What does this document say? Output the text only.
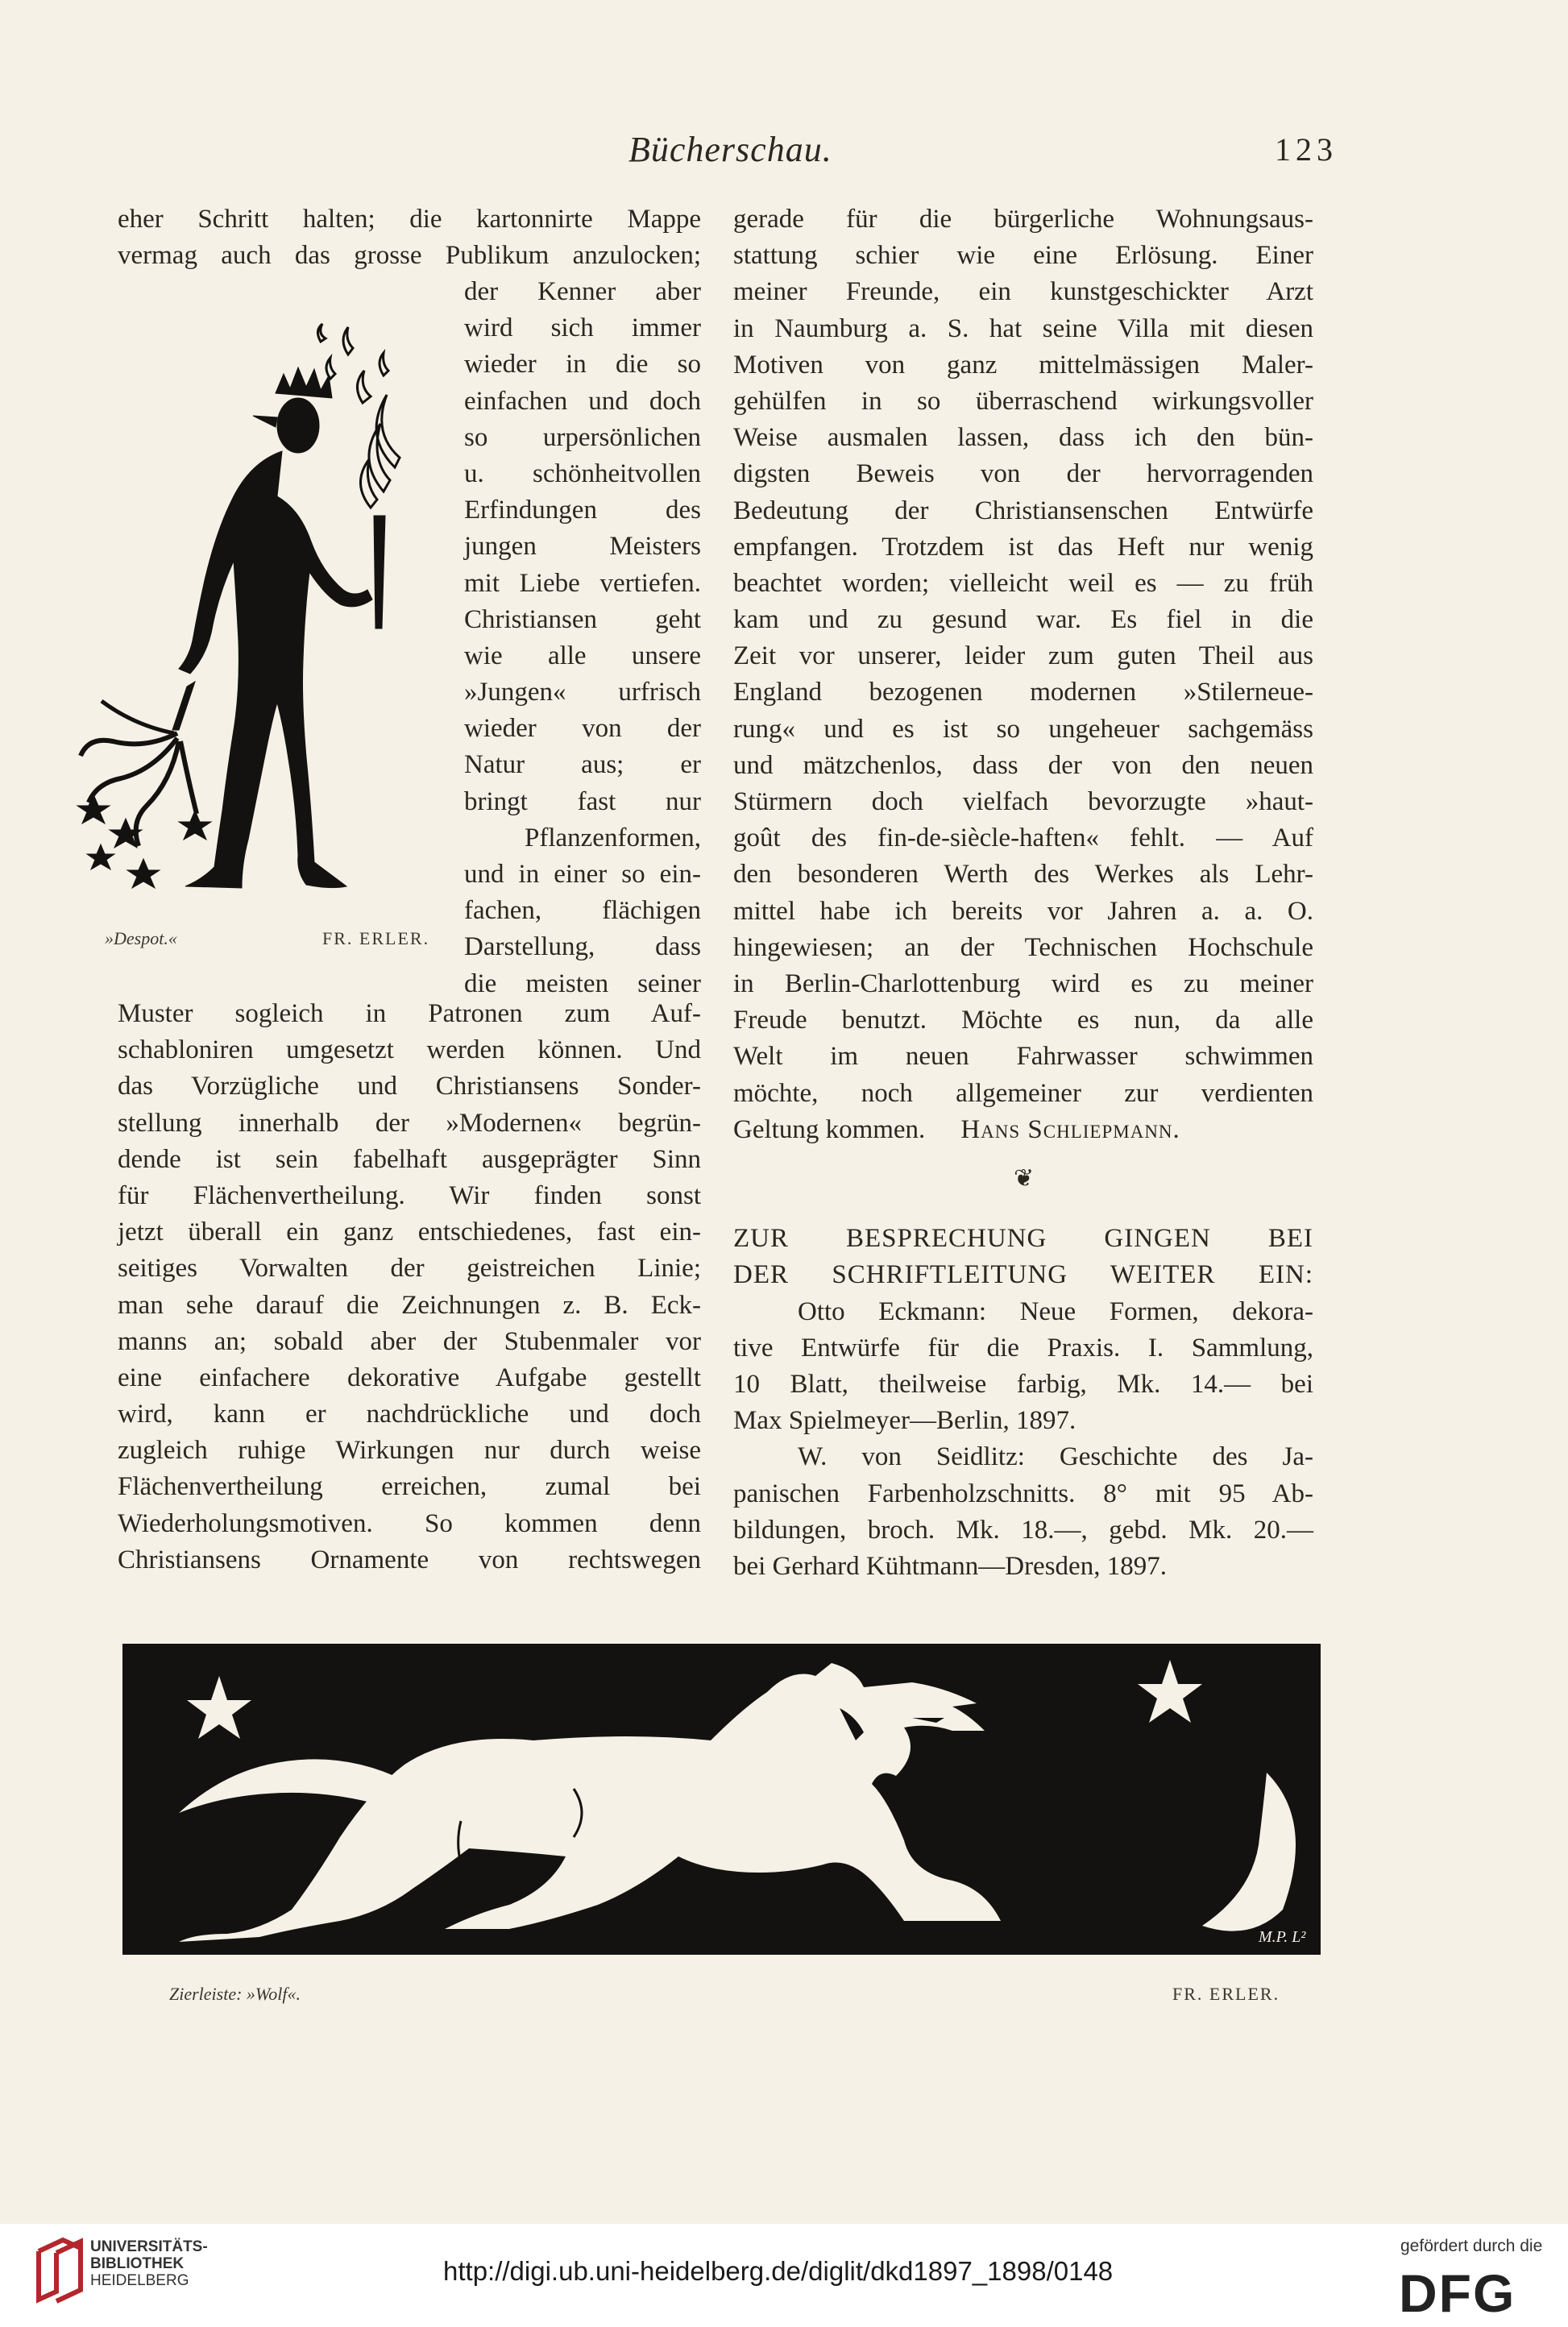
Bücherschau.	123
eher Schritt halten; die kartonnirte Mappe
vermag auch das grosse Publikum anzulocken;
der Kenner aber
wird sich immer
wieder in die so
einfachen und doch
so urpersönlichen
u. schönheitvollen
Erfindungen des
jungen Meisters
mit Liebe vertiefen.
Christiansen geht
wie alle unsere
»Jungen« urfrisch
wieder von der
Natur aus; er
bringt fast nur
Pflanzenformen,
und in einer so ein-
fachen, flächigen
Darstellung, dass
die meisten seiner
»Despot.«	FR. ERLER.
Muster sogleich in Patronen zum Auf-
schabloniren umgesetzt werden können. Und
das Vorzügliche und Christiansens Sonder-
stellung innerhalb der »Modernen« begrün-
dende ist sein fabelhaft ausgeprägter Sinn
für Flächenvertheilung. Wir finden sonst
jetzt überall ein ganz entschiedenes, fast ein-
seitiges Vorwalten der geistreichen Linie;
man sehe darauf die Zeichnungen z. B. Eck-
manns an; sobald aber der Stubenmaler vor
eine einfachere dekorative Aufgabe gestellt
wird, kann er nachdrückliche und doch
zugleich ruhige Wirkungen nur durch weise
Flächenvertheilung erreichen, zumal bei
Wiederholungsmotiven. So kommen denn
Christiansens Ornamente von rechtswegen
gerade für die bürgerliche Wohnungsaus-
stattung schier wie eine Erlösung. Einer
meiner Freunde, ein kunstgeschickter Arzt
in Naumburg a. S. hat seine Villa mit diesen
Motiven von ganz mittelmässigen Maler-
gehülfen in so überraschend wirkungsvoller
Weise ausmalen lassen, dass ich den bün-
digsten Beweis von der hervorragenden
Bedeutung der Christiansenschen Entwürfe
empfangen. Trotzdem ist das Heft nur wenig
beachtet worden; vielleicht weil es — zu früh
kam und zu gesund war. Es fiel in die
Zeit vor unserer, leider zum guten Theil aus
England bezogenen modernen »Stilerneue-
rung« und es ist so ungeheuer sachgemäss
und mätzchenlos, dass der von den neuen
Stürmern doch vielfach bevorzugte »haut-
goût des fin-de-siècle-haften« fehlt. — Auf
den besonderen Werth des Werkes als Lehr-
mittel habe ich bereits vor Jahren a. a. O.
hingewiesen; an der Technischen Hochschule
in Berlin-Charlottenburg wird es zu meiner
Freude benutzt. Möchte es nun, da alle
Welt im neuen Fahrwasser schwimmen
möchte, noch allgemeiner zur verdienten
Geltung kommen. Hans Schliepmann.
ZUR BESPRECHUNG GINGEN BEI
DER SCHRIFTLEITUNG WEITER EIN:
Otto Eckmann: Neue Formen, dekora-
tive Entwürfe für die Praxis. I. Sammlung,
10 Blatt, theilweise farbig, Mk. 14.— bei
Max Spielmeyer—Berlin, 1897.
W. von Seidlitz: Geschichte des Ja-
panischen Farbenholzschnitts. 8° mit 95 Ab-
bildungen, broch. Mk. 18.—, gebd. Mk. 20.—
bei Gerhard Kühtmann—Dresden, 1897.
❦
M.P. L²
Zierleiste: »Wolf«.	FR. ERLER.
UNIVERSITÄTS-
BIBLIOTHEK
HEIDELBERG	http://digi.ub.uni-heidelberg.de/diglit/dkd1897_1898/0148
gefördert durch die
DFG
